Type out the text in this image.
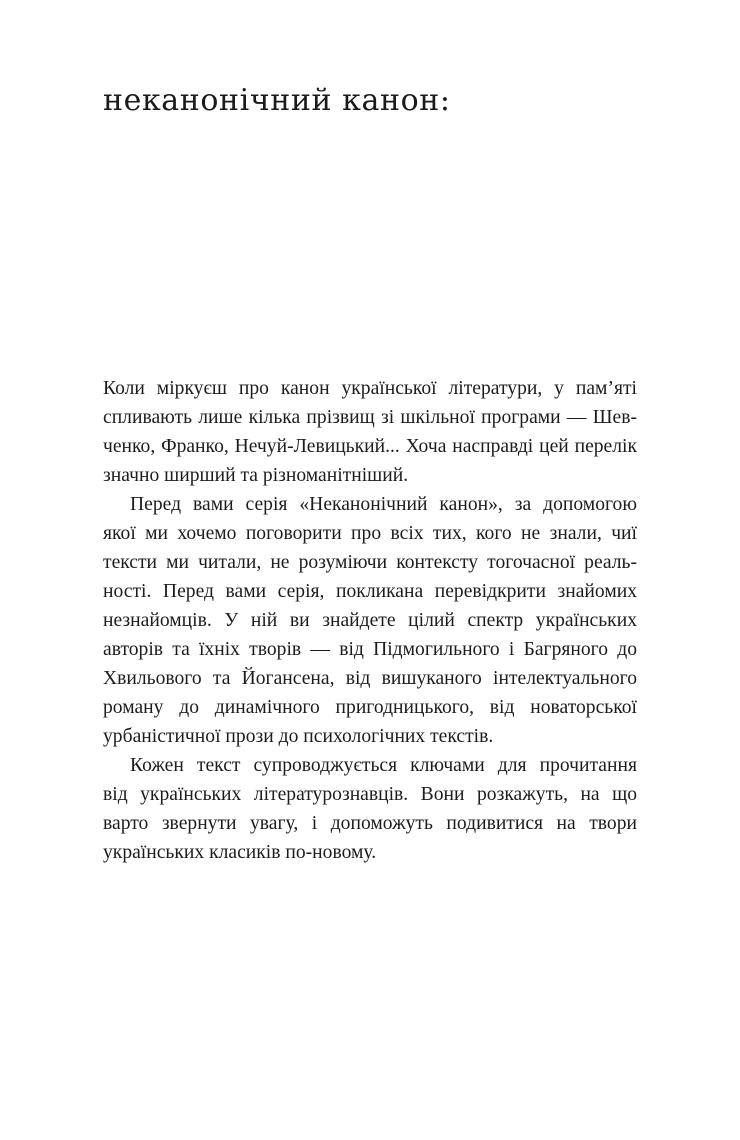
неканонічний канон:
Коли міркуєш про канон української літератури, у пам’яті
спливають лише кілька прізвищ зі шкільної програми — Шев-
ченко, Франко, Нечуй-Левицький... Хоча насправді цей перелік
значно ширший та різноманітніший.
Перед вами серія «Неканонічний канон», за допомогою
якої ми хочемо поговорити про всіх тих, кого не знали, чиї
тексти ми читали, не розуміючи контексту тогочасної реаль-
ності. Перед вами серія, покликана перевідкрити знайомих
незнайомців. У ній ви знайдете цілий спектр українських
авторів та їхніх творів — від Підмогильного і Багряного до
Хвильового та Йогансена, від вишуканого інтелектуального
роману до динамічного пригодницького, від новаторської
урбаністичної прози до психологічних текстів.
Кожен текст супроводжується ключами для прочитання
від українських літературознавців. Вони розкажуть, на що
варто звернути увагу, і допоможуть подивитися на твори
українських класиків по-новому.
